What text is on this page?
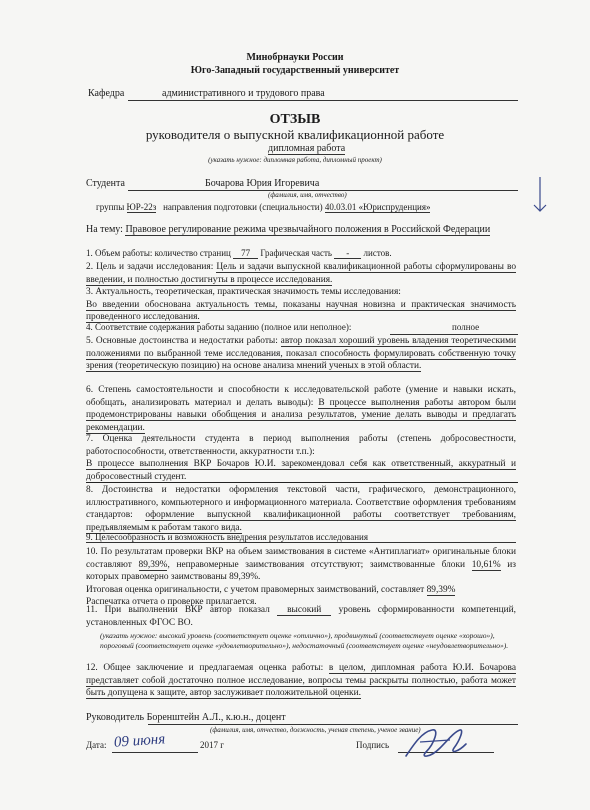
Минобрнауки России
Юго-Западный государственный университет
Кафедра	административного и трудового права
ОТЗЫВ
руководителя о выпускной квалификационной работе
дипломная работа
(указать нужное: дипломная работа, дипломный проект)
Студента	Бочарова Юрия Игоревича
(фамилия, имя, отчество)
группы ЮР-22з направления подготовки (специальности) 40.03.01 «Юриспруденция»
На тему: Правовое регулирование режима чрезвычайного положения в Российской Федерации
1. Объем работы: количество страниц 77 Графическая часть - листов.
2. Цель и задачи исследования: Цель и задачи выпускной квалификационной работы сформулированы во введении, и полностью достигнуты в процессе исследования.
3. Актуальность, теоретическая, практическая значимость темы исследования:
Во введении обоснована актуальность темы, показаны научная новизна и практическая значимость проведенного исследования.
4. Соответствие содержания работы заданию (полное или неполное):	полное
5. Основные достоинства и недостатки работы: автор показал хороший уровень владения теоретическими положениями по выбранной теме исследования, показал способность формулировать собственную точку зрения (теоретическую позицию) на основе анализа мнений ученых в этой области.
6. Степень самостоятельности и способности к исследовательской работе (умение и навыки искать, обобщать, анализировать материал и делать выводы): В процессе выполнения работы автором были продемонстрированы навыки обобщения и анализа результатов, умение делать выводы и предлагать рекомендации.
7. Оценка деятельности студента в период выполнения работы (степень добросовестности, работоспособности, ответственности, аккуратности т.п.):
В процессе выполнения ВКР Бочаров Ю.И. зарекомендовал себя как ответственный, аккуратный и добросовестный студент.
8. Достоинства и недостатки оформления текстовой части, графического, демонстрационного, иллюстративного, компьютерного и информационного материала. Соответствие оформления требованиям стандартов: оформление выпускной квалификационной работы соответствует требованиям, предъявляемым к работам такого вида.
9. Целесообразность и возможность внедрения результатов исследования
10. По результатам проверки ВКР на объем заимствования в системе «Антиплагиат» оригинальные блоки составляют 89,39%, неправомерные заимствования отсутствуют; заимствованные блоки 10,61% из которых правомерно заимствованы 89,39%.
Итоговая оценка оригинальности, с учетом правомерных заимствований, составляет 89,39%
Распечатка отчета о проверке прилагается.
11. При выполнении ВКР автор показал высокий уровень сформированности компетенций, установленных ФГОС ВО.
(указать нужное: высокий уровень (соответствует оценке «отлично»), продвинутый (соответствует оценке «хорошо»), пороговый (соответствует оценке «удовлетворительно»), недостаточный (соответствует оценке «неудовлетворительно»).
12. Общее заключение и предлагаемая оценка работы: в целом, дипломная работа Ю.И. Бочарова представляет собой достаточно полное исследование, вопросы темы раскрыты полностью, работа может быть допущена к защите, автор заслуживает положительной оценки.
Руководитель Боренштейн А.Л., к.ю.н., доцент
(фамилия, имя, отчество, должность, ученая степень, ученое звание)
Дата: 09 июня	2017 г	Подпись
